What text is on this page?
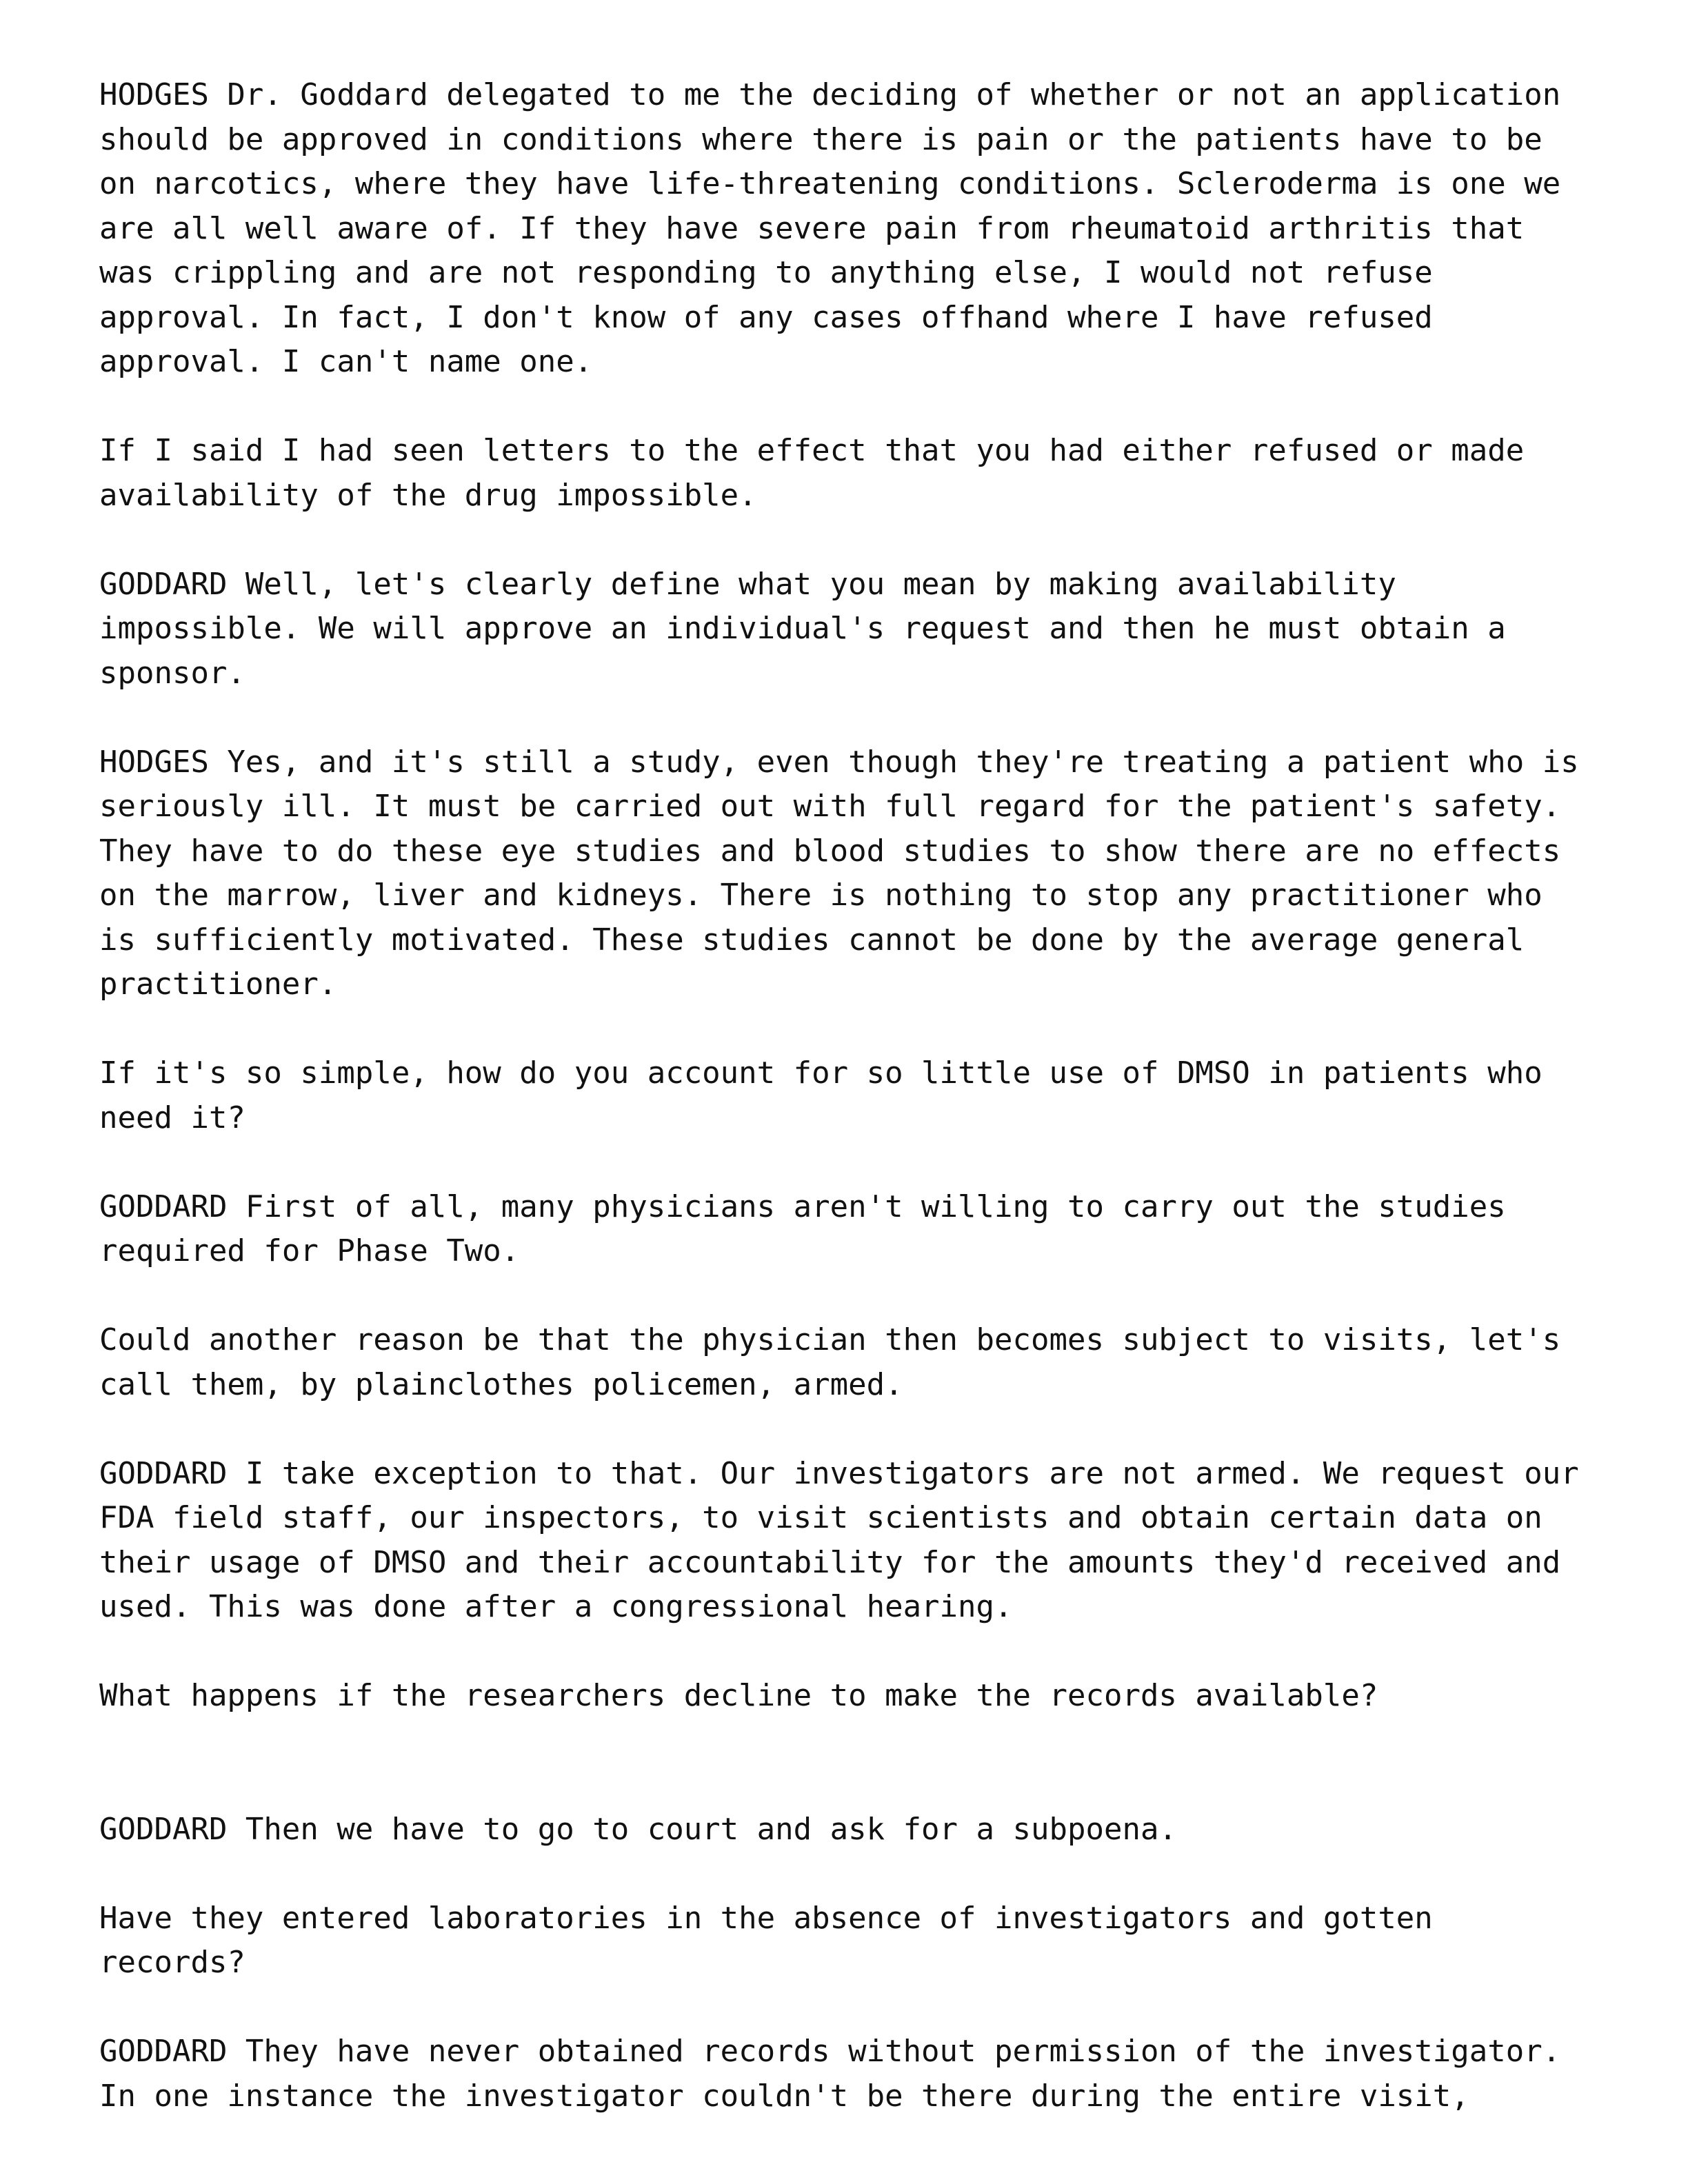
HODGES Dr. Goddard delegated to me the deciding of whether or not an application
should be approved in conditions where there is pain or the patients have to be
on narcotics, where they have life-threatening conditions. Scleroderma is one we
are all well aware of. If they have severe pain from rheumatoid arthritis that
was crippling and are not responding to anything else, I would not refuse
approval. In fact, I don't know of any cases offhand where I have refused
approval. I can't name one.
If I said I had seen letters to the effect that you had either refused or made
availability of the drug impossible.
GODDARD Well, let's clearly define what you mean by making availability
impossible. We will approve an individual's request and then he must obtain a
sponsor.
HODGES Yes, and it's still a study, even though they're treating a patient who is
seriously ill. It must be carried out with full regard for the patient's safety.
They have to do these eye studies and blood studies to show there are no effects
on the marrow, liver and kidneys. There is nothing to stop any practitioner who
is sufficiently motivated. These studies cannot be done by the average general
practitioner.
If it's so simple, how do you account for so little use of DMSO in patients who
need it?
GODDARD First of all, many physicians aren't willing to carry out the studies
required for Phase Two.
Could another reason be that the physician then becomes subject to visits, let's
call them, by plainclothes policemen, armed.
GODDARD I take exception to that. Our investigators are not armed. We request our
FDA field staff, our inspectors, to visit scientists and obtain certain data on
their usage of DMSO and their accountability for the amounts they'd received and
used. This was done after a congressional hearing.
What happens if the researchers decline to make the records available?
GODDARD Then we have to go to court and ask for a subpoena.
Have they entered laboratories in the absence of investigators and gotten
records?
GODDARD They have never obtained records without permission of the investigator.
In one instance the investigator couldn't be there during the entire visit,
